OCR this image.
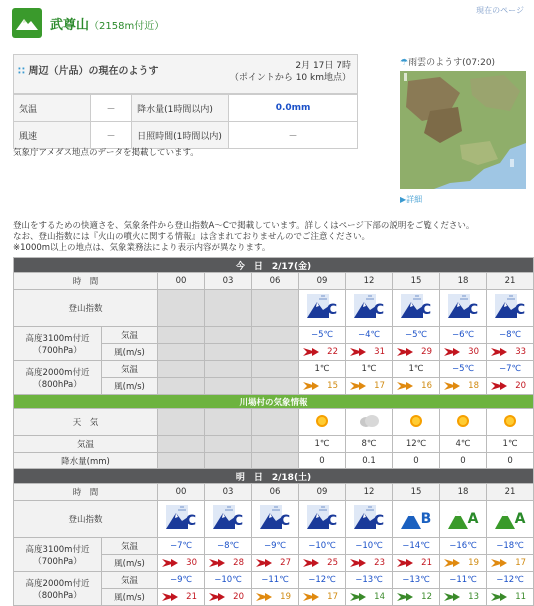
武尊山（2158m付近）
現在のページ
∷ 周辺（片品）の現在のようす	2月 17日 7時
（ポイントから 10 km地点）
気温	－	降水量(1時間以内)	0.0mm
風速	－	日照時間(1時間以内)	－
気象庁アメダス地点のデータを掲載しています。
☂雨雲のようす(07:20)
▶詳細
登山をするための快適さを、気象条件から登山指数A～Cで掲載しています。詳しくはページ下部の説明をご覧ください。
なお、登山指数には『火山の噴火に関する情報』は含まれておりませんのでご注意ください。
※1000m以上の地点は、気象業務法により表示内容が異なります。
今　日　2/17(金)									
時　間		00	03	06	09	12	15	18	21
登山指数					C	C	C	C	C

高度3100m付近
（700hPa）	気温				−5℃	−4℃	−5℃	−6℃	−8℃
	風(m/s)				22	31	29	30	33

高度2000m付近
（800hPa）	気温				1℃	1℃	1℃	−5℃	−7℃
	風(m/s)				15	17	16	18	20

川場村の気象情報									
天　気								
気温					1℃	8℃	12℃	4℃	1℃
降水量(mm)					0	0.1	0	0	0
明　日　2/18(土)									
時　間		00	03	06	09	12	15	18	21
登山指数		C	C	C	C	C	B	A	A

高度3100m付近
（700hPa）	気温	−7℃	−8℃	−9℃	−10℃	−10℃	−14℃	−16℃	−18℃
	風(m/s)	30	28	27	25	23	21	19	17

高度2000m付近
（800hPa）	気温	−9℃	−10℃	−11℃	−12℃	−13℃	−13℃	−11℃	−12℃
	風(m/s)	21	20	19	17	14	12	13	11
